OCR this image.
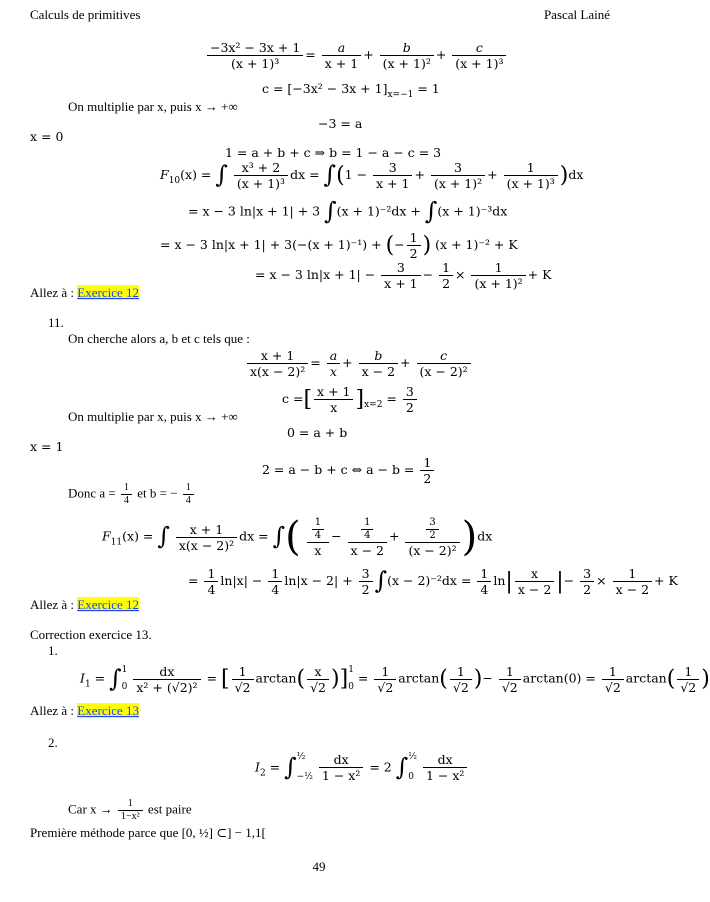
Calculs de primitives	Pascal Lainé
$\frac{\text{−3x² − 3x + 1}}{\text{(x + 1)³}} = \frac{a}{x + 1} + \frac{b}{\text{(x + 1)²}} + \frac{c}{\text{(x + 1)³}}$
$c = [-3x^2 - 3x + 1]_{x=-1} = 1$
On multiplie par x, puis x → +∞
−3 = a
x = 0
1 = a + b + c ⇒ b = 1 − a − c = 3
$F_{10}(x)$ = ∫ $\frac{\text{x³ + 2}}{\text{(x + 1)³}}$ dx = $\int(1 - \frac{3}{x + 1} + \frac{3}{\text{(x + 1)²}} + \frac{1}{\text{(x + 1)³}} )dx$
= x − 3 ln|x + 1| + 3 ∫(x + 1)⁻²dx + ∫(x + 1)⁻³dx
= x − 3 ln|x + 1| + 3(−(x + 1)⁻¹) + (− $\frac{1}{2}$ ) (x + 1)⁻² + K
= x − 3 $\ln|x + 1| - \frac{3}{x + 1} - \frac{1}{2} \times \frac{1}{\text{(x + 1)²}} + K$
Allez à : Exercice 12
11.
On cherche alors a, b et c tels que :
$\frac{x + 1}{\text{x(x − 2)²}} = \frac{a}{x} + \frac{b}{x - 2} + \frac{c}{\text{(x − 2)²}}$
c =[ $\frac{x + 1}{x} ]_{x=2} = \frac{3}{2}$
On multiplie par x, puis x → +∞
0 = a + b
x = 1
2 = a − b + c ⇔ $a - b = \frac{1}{2}$
Donc $a = \frac{1}{4}$ et b = − $\frac{1}{4}$
$F_{11}(x)$ = ∫ $\frac{x + 1}{\text{x(x − 2)²}}$ dx = ∫( $\frac{\frac{1}{4}}{x} - \frac{\frac{1}{4}}{x - 2} + \frac{\frac{3}{2}}{\text{(x − 2)²}} )dx$
= $\frac{1}{4} \ln|x| - \frac{1}{4} \ln|x - 2| + \frac{3}{2} \int(x - 2)^{-2}dx = \frac{1}{4} \ln| \frac{x}{x - 2}$ |− $\frac{3}{2} \times \frac{1}{x - 2} + K$
Allez à : Exercice 12
Correction exercice 13.
1.
$I_1$ = ∫ 1
0
$\frac{dx}{\text{x² + (√2)²}}$ = [ $\frac{1}{√2} \arctan( \frac{x}{√2}$ )] 1
0
= $\frac{1}{√2} \arctan( \frac{1}{√2}$ )− $\frac{1}{√2} \arctan(0) = \frac{1}{√2} \arctan( \frac{1}{√2}$ )
Allez à : Exercice 13
2.
$I_2$ = ∫ ½
−½
$\frac{dx}{\text{1 − x²}} = 2$ ∫ ½
0
$\frac{dx}{\text{1 − x²}}$
Car $x \to \frac{1}{\text{1−x²}}$ est paire
Première méthode parce que [0, ½] ⊂] − 1,1[
49
